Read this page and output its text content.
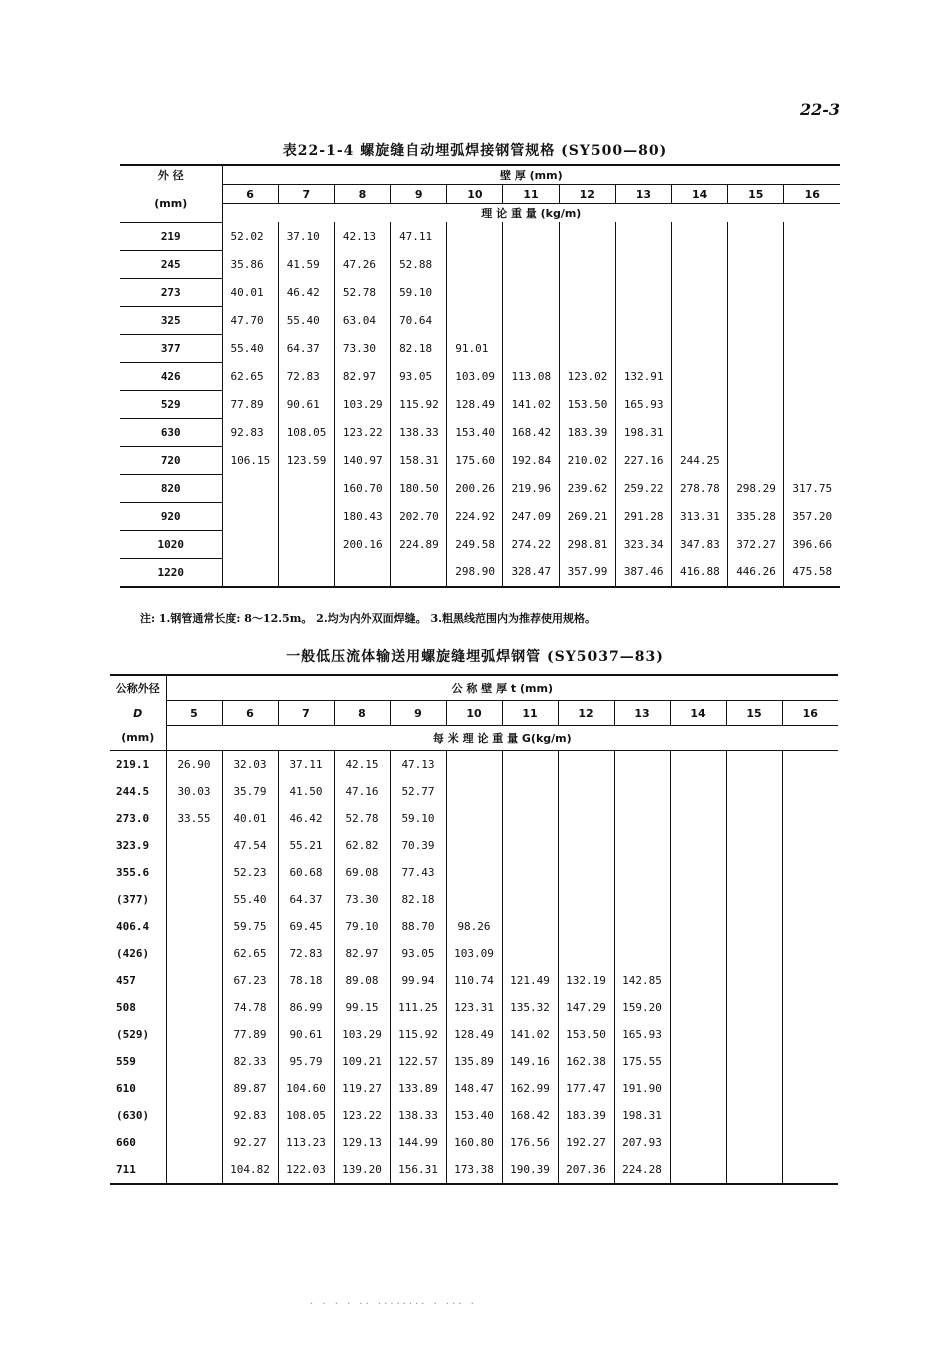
22-3
表22-1-4 螺旋缝自动埋弧焊接钢管规格 (SY500—80)
外 径	壁 厚 (mm)										
(mm)	6	7	8	9	10	11	12	13	14	15	16
	理 论 重 量 (kg/m)										
219	52.02	37.10	42.13	47.11							
245	35.86	41.59	47.26	52.88							
273	40.01	46.42	52.78	59.10							
325	47.70	55.40	63.04	70.64							
377	55.40	64.37	73.30	82.18	91.01						
426	62.65	72.83	82.97	93.05	103.09	113.08	123.02	132.91			
529	77.89	90.61	103.29	115.92	128.49	141.02	153.50	165.93			
630	92.83	108.05	123.22	138.33	153.40	168.42	183.39	198.31			
720	106.15	123.59	140.97	158.31	175.60	192.84	210.02	227.16	244.25		
820			160.70	180.50	200.26	219.96	239.62	259.22	278.78	298.29	317.75
920			180.43	202.70	224.92	247.09	269.21	291.28	313.31	335.28	357.20
1020			200.16	224.89	249.58	274.22	298.81	323.34	347.83	372.27	396.66
1220					298.90	328.47	357.99	387.46	416.88	446.26	475.58
注: 1.钢管通常长度: 8～12.5m。 2.均为内外双面焊缝。 3.粗黑线范围内为推荐使用规格。
一般低压流体输送用螺旋缝埋弧焊钢管 (SY5037—83)
公称外径	公 称 壁 厚 t (mm)											
D	5	6	7	8	9	10	11	12	13	14	15	16
(mm)	每 米 理 论 重 量 G(kg/m)											
219.1	26.90	32.03	37.11	42.15	47.13							
244.5	30.03	35.79	41.50	47.16	52.77							
273.0	33.55	40.01	46.42	52.78	59.10							
323.9		47.54	55.21	62.82	70.39							
355.6		52.23	60.68	69.08	77.43							
(377)		55.40	64.37	73.30	82.18							
406.4		59.75	69.45	79.10	88.70	98.26						
(426)		62.65	72.83	82.97	93.05	103.09						
457		67.23	78.18	89.08	99.94	110.74	121.49	132.19	142.85			
508		74.78	86.99	99.15	111.25	123.31	135.32	147.29	159.20			
(529)		77.89	90.61	103.29	115.92	128.49	141.02	153.50	165.93			
559		82.33	95.79	109.21	122.57	135.89	149.16	162.38	175.55			
610		89.87	104.60	119.27	133.89	148.47	162.99	177.47	191.90			
(630)		92.83	108.05	123.22	138.33	153.40	168.42	183.39	198.31			
660		92.27	113.23	129.13	144.99	160.80	176.56	192.27	207.93			
711		104.82	122.03	139.20	156.31	173.38	190.39	207.36	224.28			
. . . . .. ........ . ... .
